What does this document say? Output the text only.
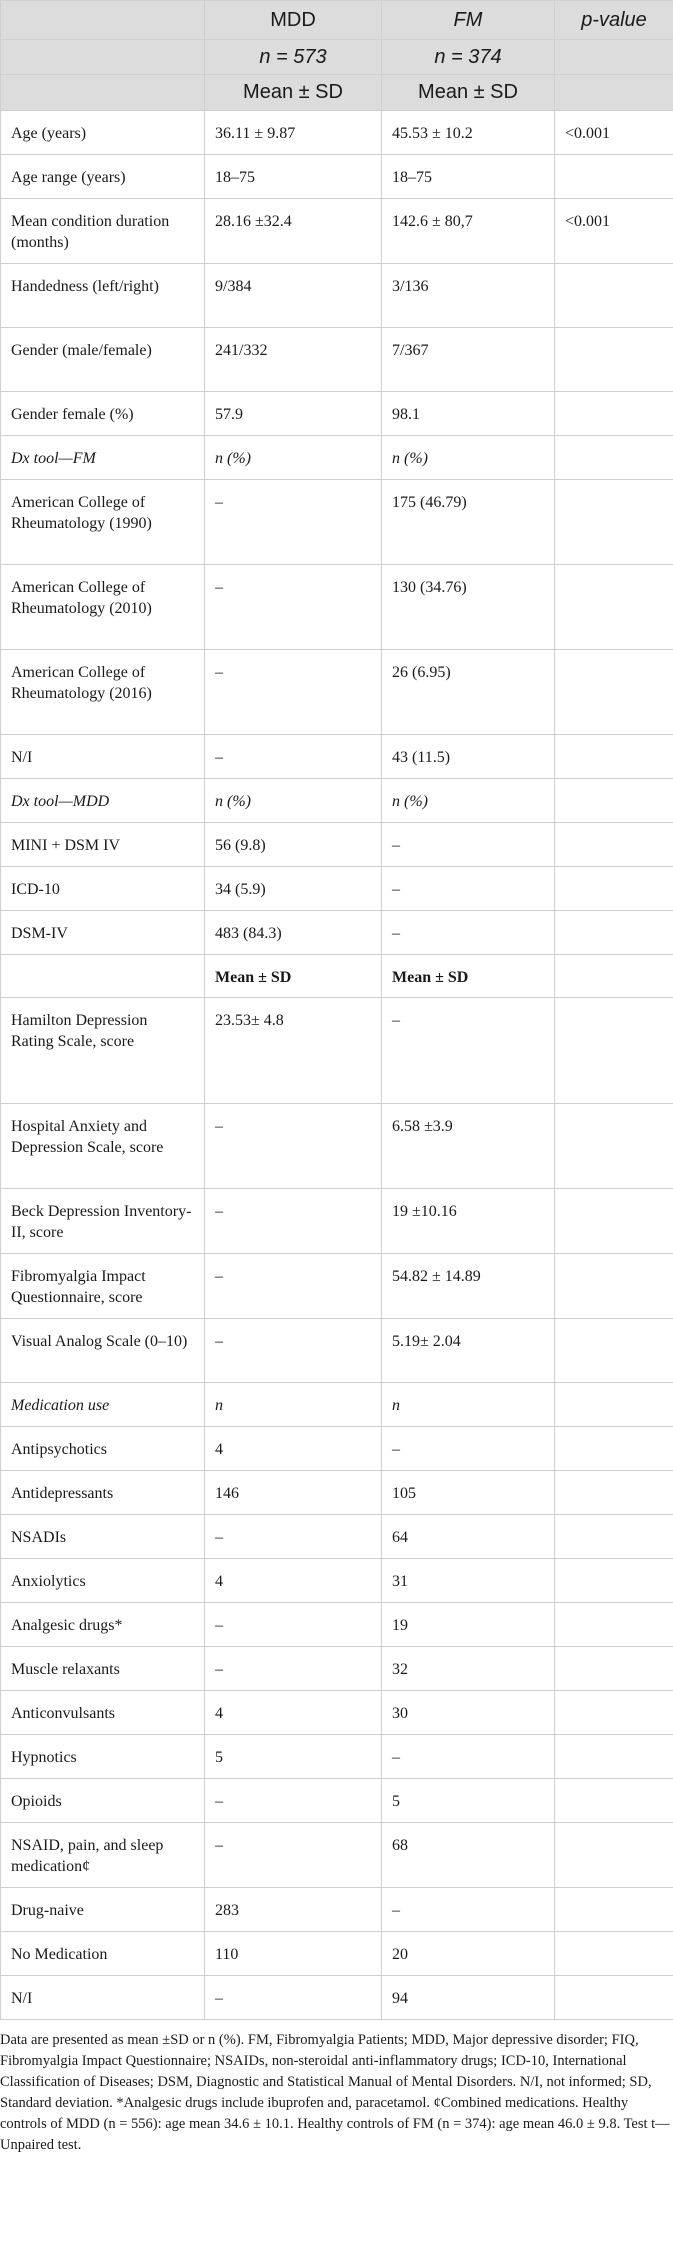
	MDD	FM	p-value
	n = 573	n = 374	
	Mean ± SD	Mean ± SD	
Age (years)	36.11 ± 9.87	45.53 ± 10.2	<0.001
Age range (years)	18–75	18–75	
Mean condition duration (months)	28.16 ±32.4	142.6 ± 80,7	<0.001
Handedness (left/right)	9/384	3/136	
Gender (male/female)	241/332	7/367	
Gender female (%)	57.9	98.1	
Dx tool—FM	n (%)	n (%)	
American College of Rheumatology (1990)	–	175 (46.79)	
American College of Rheumatology (2010)	–	130 (34.76)	
American College of Rheumatology (2016)	–	26 (6.95)	
N/I	–	43 (11.5)	
Dx tool—MDD	n (%)	n (%)	
MINI + DSM IV	56 (9.8)	–	
ICD-10	34 (5.9)	–	
DSM-IV	483 (84.3)	–	
	Mean ± SD	Mean ± SD	
Hamilton Depression Rating Scale, score	23.53± 4.8	–	
Hospital Anxiety and Depression Scale, score	–	6.58 ±3.9	
Beck Depression Inventory-II, score	–	19 ±10.16	
Fibromyalgia Impact Questionnaire, score	–	54.82 ± 14.89	
Visual Analog Scale (0–10)	–	5.19± 2.04	
Medication use	n	n	
Antipsychotics	4	–	
Antidepressants	146	105	
NSADIs	–	64	
Anxiolytics	4	31	
Analgesic drugs*	–	19	
Muscle relaxants	–	32	
Anticonvulsants	4	30	
Hypnotics	5	–	
Opioids	–	5	
NSAID, pain, and sleep medication¢	–	68	
Drug-naive	283	–	
No Medication	110	20	
N/I	–	94	

Data are presented as mean ±SD or n (%). FM, Fibromyalgia Patients; MDD, Major depressive disorder; FIQ, Fibromyalgia Impact Questionnaire; NSAIDs, non-steroidal anti-inflammatory drugs; ICD-10, International Classification of Diseases; DSM, Diagnostic and Statistical Manual of Mental Disorders. N/I, not informed; SD, Standard deviation. *Analgesic drugs include ibuprofen and, paracetamol. ¢Combined medications. Healthy controls of MDD (n = 556): age mean 34.6 ± 10.1. Healthy controls of FM (n = 374): age mean 46.0 ± 9.8. Test t—Unpaired test.
